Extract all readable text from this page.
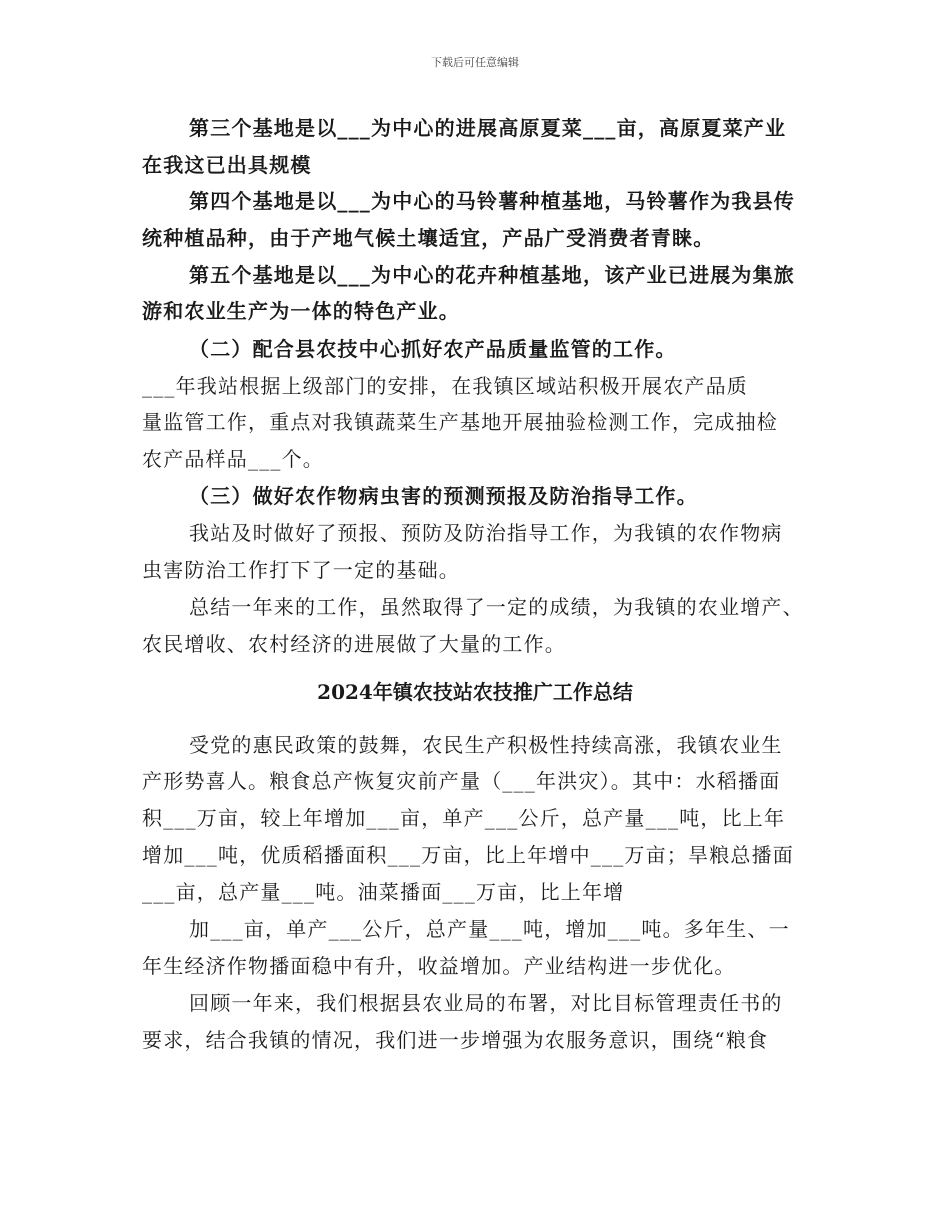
下载后可任意编辑
第三个基地是以___为中心的进展高原夏菜___亩，高原夏菜产业
在我这已出具规模
第四个基地是以___为中心的马铃薯种植基地，马铃薯作为我县传
统种植品种，由于产地气候土壤适宜，产品广受消费者青睐。
第五个基地是以___为中心的花卉种植基地，该产业已进展为集旅
游和农业生产为一体的特色产业。
（二）配合县农技中心抓好农产品质量监管的工作。
___年我站根据上级部门的安排，在我镇区域站积极开展农产品质
量监管工作，重点对我镇蔬菜生产基地开展抽验检测工作，完成抽检
农产品样品___个。
（三）做好农作物病虫害的预测预报及防治指导工作。
我站及时做好了预报、预防及防治指导工作，为我镇的农作物病
虫害防治工作打下了一定的基础。
总结一年来的工作，虽然取得了一定的成绩，为我镇的农业增产、
农民增收、农村经济的进展做了大量的工作。
2024年镇农技站农技推广工作总结
受党的惠民政策的鼓舞，农民生产积极性持续高涨，我镇农业生
产形势喜人。粮食总产恢复灾前产量（___年洪灾）。其中：水稻播面
积___万亩，较上年增加___亩，单产___公斤，总产量___吨，比上年
增加___吨，优质稻播面积___万亩，比上年增中___万亩；旱粮总播面
___亩，总产量___吨。油菜播面___万亩，比上年增
加___亩，单产___公斤，总产量___吨，增加___吨。多年生、一
年生经济作物播面稳中有升，收益增加。产业结构进一步优化。
回顾一年来，我们根据县农业局的布署，对比目标管理责任书的
要求，结合我镇的情况，我们进一步增强为农服务意识，围绕“粮食
